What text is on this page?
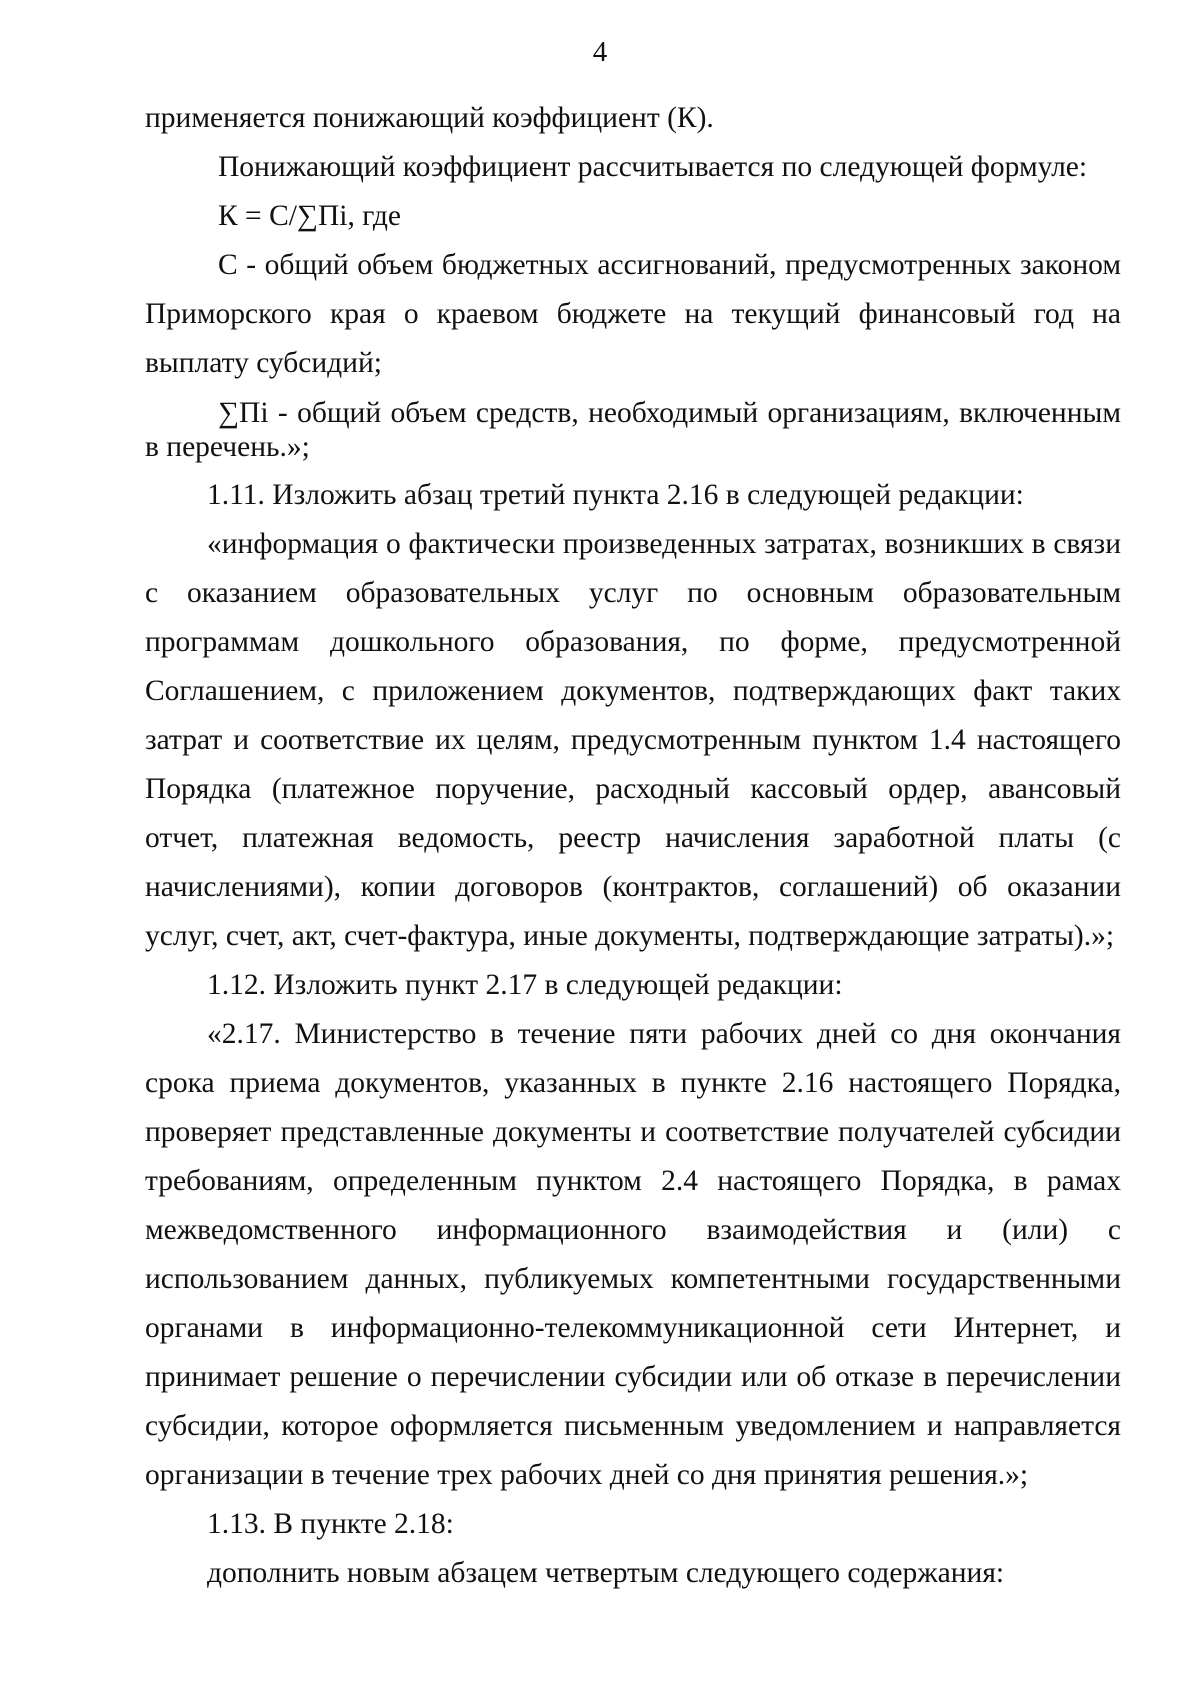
4

применяется понижающий коэффициент (К).

Понижающий коэффициент рассчитывается по следующей формуле:

К = С/∑Пi, где

С - общий объем бюджетных ассигнований, предусмотренных законом Приморского края о краевом бюджете на текущий финансовый год на выплату субсидий;

∑Пi - общий объем средств, необходимый организациям, включенным в перечень.»;

1.11. Изложить абзац третий пункта 2.16 в следующей редакции:

«информация о фактически произведенных затратах, возникших в связи с оказанием образовательных услуг по основным образовательным программам дошкольного образования, по форме, предусмотренной Соглашением, с приложением документов, подтверждающих факт таких затрат и соответствие их целям, предусмотренным пунктом 1.4 настоящего Порядка (платежное поручение, расходный кассовый ордер, авансовый отчет, платежная ведомость, реестр начисления заработной платы (с начислениями), копии договоров (контрактов, соглашений) об оказании услуг, счет, акт, счет-фактура, иные документы, подтверждающие затраты).»;

1.12. Изложить пункт 2.17 в следующей редакции:

«2.17. Министерство в течение пяти рабочих дней со дня окончания срока приема документов, указанных в пункте 2.16 настоящего Порядка, проверяет представленные документы и соответствие получателей субсидии требованиям, определенным пунктом 2.4 настоящего Порядка, в рамах межведомственного информационного взаимодействия и (или) с использованием данных, публикуемых компетентными государственными органами в информационно-телекоммуникационной сети Интернет, и принимает решение о перечислении субсидии или об отказе в перечислении субсидии, которое оформляется письменным уведомлением и направляется организации в течение трех рабочих дней со дня принятия решения.»;

1.13. В пункте 2.18:

дополнить новым абзацем четвертым следующего содержания:
